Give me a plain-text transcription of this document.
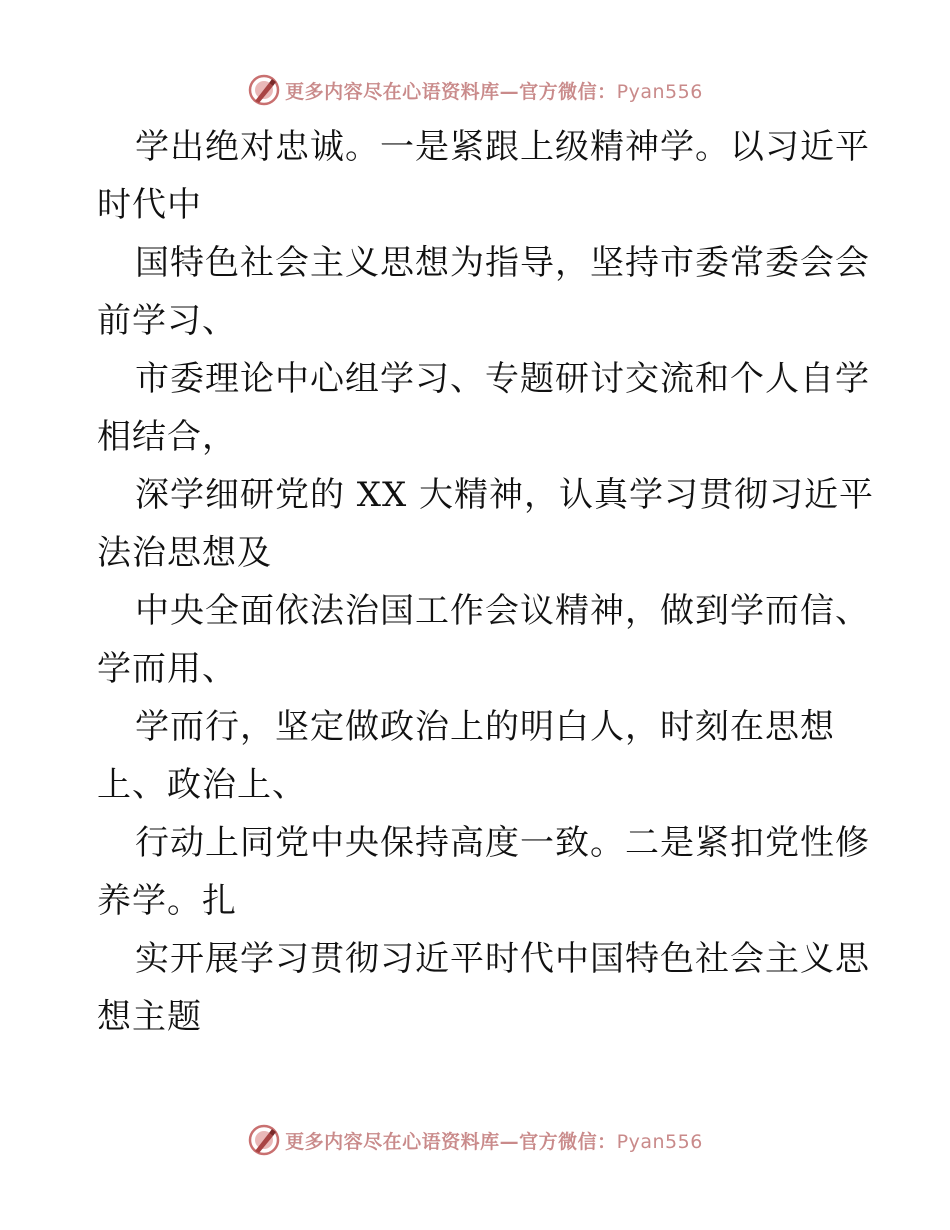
更多内容尽在心语资料库—官方微信：Pyan556
学出绝对忠诚。一是紧跟上级精神学。以习近平
时代中
国特色社会主义思想为指导，坚持市委常委会会
前学习、
市委理论中心组学习、专题研讨交流和个人自学
相结合，
深学细研党的 XX 大精神，认真学习贯彻习近平
法治思想及
中央全面依法治国工作会议精神，做到学而信、
学而用、
学而行，坚定做政治上的明白人，时刻在思想
上、政治上、
行动上同党中央保持高度一致。二是紧扣党性修
养学。扎
实开展学习贯彻习近平时代中国特色社会主义思
想主题
更多内容尽在心语资料库—官方微信：Pyan556
